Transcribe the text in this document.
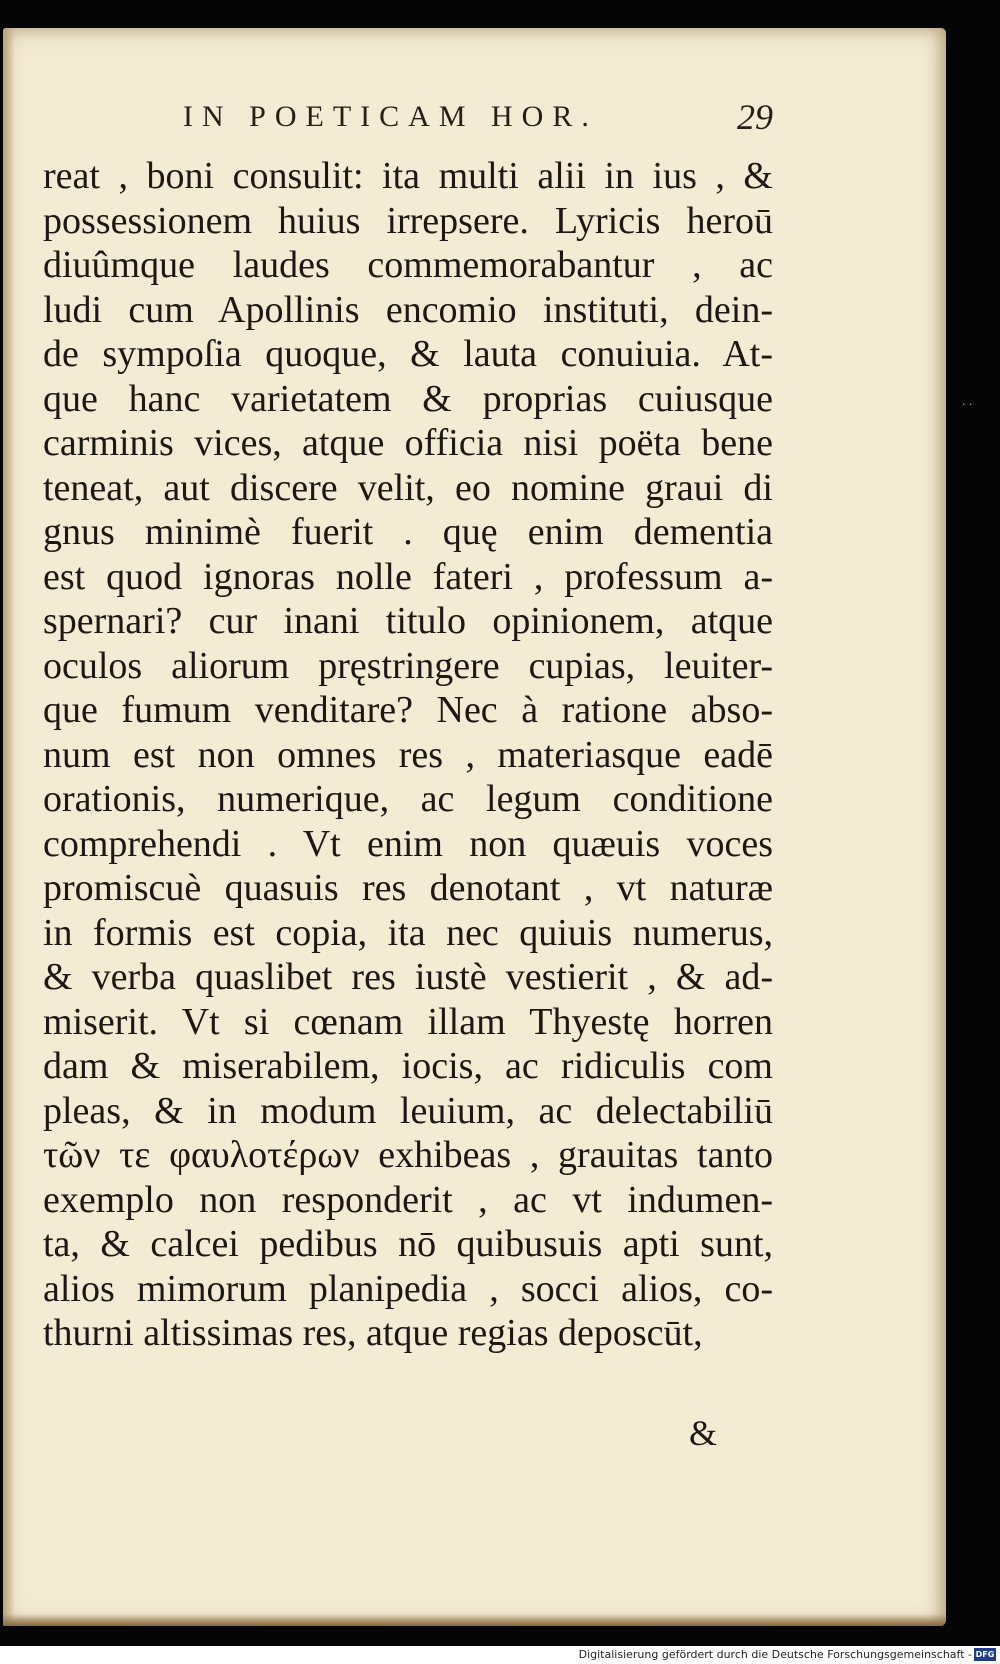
IN POETICAM HOR.	29
reat , boni consulit: ita multi alii in ius , &
possessionem huius irrepsere. Lyricis heroū
diuûmque laudes commemorabantur , ac
ludi cum Apollinis encomio instituti, dein-
de sympoſia quoque, & lauta conuiuia. At-
que hanc varietatem & proprias cuiusque
carminis vices, atque officia nisi poëta bene
teneat, aut discere velit, eo nomine graui di
gnus minimè fuerit . quę enim dementia
est quod ignoras nolle fateri , professum a-
spernari? cur inani titulo opinionem, atque
oculos aliorum pręstringere cupias, leuiter-
que fumum venditare? Nec à ratione abso-
num est non omnes res , materiasque eadē
orationis, numerique, ac legum conditione
comprehendi . Vt enim non quæuis voces
promiscuè quasuis res denotant , vt naturæ
in formis est copia, ita nec quiuis numerus,
& verba quaslibet res iustè vestierit , & ad-
miserit. Vt si cœnam illam Thyestę horren
dam & miserabilem, iocis, ac ridiculis com
pleas, & in modum leuium, ac delectabiliū
τῶν τε φαυλοτέρων exhibeas , grauitas tanto
exemplo non responderit , ac vt indumen-
ta, & calcei pedibus nō quibusuis apti sunt,
alios mimorum planipedia , socci alios, co-
thurni altissimas res, atque regias deposcūt,
&
· ·
Digitalisierung gefördert durch die Deutsche Forschungsgemeinschaft - DFG
